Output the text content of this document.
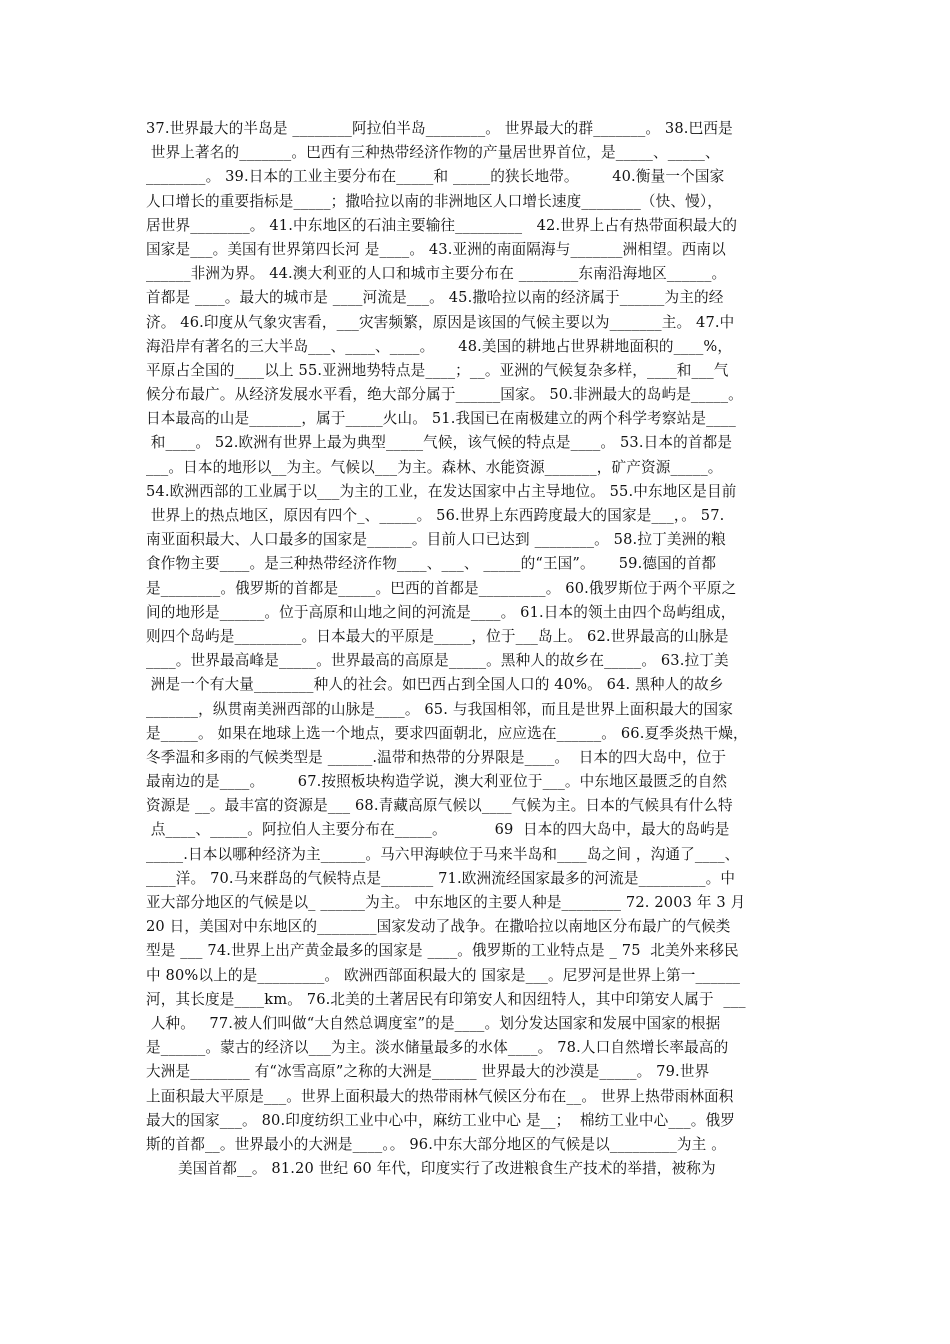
37.世界最大的半岛是 ________阿拉伯半岛________。 世界最大的群_______。 38.巴西是
世界上著名的_______。巴西有三种热带经济作物的产量居世界首位，是_____、_____、
________。 39.日本的工业主要分布在_____和 _____的狭长地带。       40.衡量一个国家
人口增长的重要指标是_____；撒哈拉以南的非洲地区人口增长速度________（快、慢），
居世界________。 41.中东地区的石油主要输往_________   42.世界上占有热带面积最大的
国家是___。美国有世界第四长河 是____。 43.亚洲的南面隔海与_______洲相望。西南以
______非洲为界。 44.澳大利亚的人口和城市主要分布在 ________东南沿海地区______。
首都是 ____。最大的城市是 ____河流是___。 45.撒哈拉以南的经济属于______为主的经
济。 46.印度从气象灾害看，___灾害频繁，原因是该国的气候主要以为_______主。 47.中
海沿岸有著名的三大半岛___、____、____。     48.美国的耕地占世界耕地面积的____%，
平原占全国的____以上 55.亚洲地势特点是____；__。亚洲的气候复杂多样，____和___气
候分布最广。从经济发展水平看，绝大部分属于______国家。 50.非洲最大的岛屿是_____。
日本最高的山是_______，属于_____火山。 51.我国已在南极建立的两个科学考察站是____
和____。 52.欧洲有世界上最为典型_____气候，该气候的特点是____。 53.日本的首都是
___。日本的地形以__为主。气候以___为主。森林、水能资源_______，矿产资源_____。
54.欧洲西部的工业属于以___为主的工业，在发达国家中占主导地位。 55.中东地区是目前
世界上的热点地区，原因有四个_、_____。 56.世界上东西跨度最大的国家是___，。 57.
南亚面积最大、人口最多的国家是______。目前人口已达到 ________。 58.拉丁美洲的粮
食作物主要____。是三种热带经济作物____、___、 _____的“王国”。     59.德国的首都
是________。俄罗斯的首都是_____。巴西的首都是_________。 60.俄罗斯位于两个平原之
间的地形是______。位于高原和山地之间的河流是____。 61.日本的领土由四个岛屿组成，
则四个岛屿是_________。日本最大的平原是_____，位于___岛上。 62.世界最高的山脉是
____。世界最高峰是_____。世界最高的高原是_____。黑种人的故乡在_____。 63.拉丁美
洲是一个有大量________种人的社会。如巴西占到全国人口的 40%。 64. 黑种人的故乡
_______，纵贯南美洲西部的山脉是____。 65. 与我国相邻，而且是世界上面积最大的国家
是_____。 如果在地球上选一个地点，要求四面朝北，应应选在______。 66.夏季炎热干燥，
冬季温和多雨的气候类型是 ______.温带和热带的分界限是____。  日本的四大岛中，位于
最南边的是____。       67.按照板块构造学说，澳大利亚位于___。中东地区最匮乏的自然
资源是 __。最丰富的资源是___ 68.青藏高原气候以____气候为主。日本的气候具有什么特
点____、_____。阿拉伯人主要分布在_____。          69  日本的四大岛中，最大的岛屿是
_____.日本以哪种经济为主______。马六甲海峡位于马来半岛和____岛之间 ，沟通了____、
____洋。 70.马来群岛的气候特点是_______ 71.欧洲流经国家最多的河流是_________。中
亚大部分地区的气候是以_ ______为主。 中东地区的主要人种是________ 72. 2003 年 3 月
20 日，美国对中东地区的________国家发动了战争。在撒哈拉以南地区分布最广的气候类
型是 ___ 74.世界上出产黄金最多的国家是 ____。俄罗斯的工业特点是 _ 75  北美外来移民
中 80%以上的是_________。 欧洲西部面积最大的 国家是___。尼罗河是世界上第一______
河，其长度是____km。 76.北美的土著居民有印第安人和因纽特人，其中印第安人属于  ___
人种。   77.被人们叫做“大自然总调度室”的是____。划分发达国家和发展中国家的根据
是______。蒙古的经济以___为主。淡水储量最多的水体____。 78.人口自然增长率最高的
大洲是________ 有“冰雪高原”之称的大洲是______ 世界最大的沙漠是_____。 79.世界
上面积最大平原是___。世界上面积最大的热带雨林气候区分布在__。 世界上热带雨林面积
最大的国家___。 80.印度纺织工业中心中，麻纺工业中心 是__；  棉纺工业中心___。俄罗
斯的首都__。世界最小的大洲是____。。 96.中东大部分地区的气候是以_________为主 。
美国首都__。 81.20 世纪 60 年代，印度实行了改进粮食生产技术的举措，被称为
